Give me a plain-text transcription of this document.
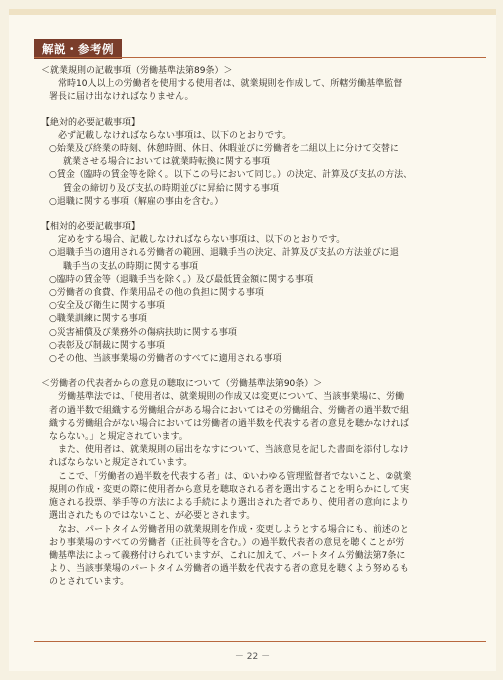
解説・参考例

＜就業規則の記載事項（労働基準法第89条）＞

　常時10人以上の労働者を使用する使用者は、就業規則を作成して、所轄労働基準監督

署長に届け出なければなりません。

【絶対的必要記載事項】

　必ず記載しなければならない事項は、以下のとおりです。

○始業及び終業の時刻、休憩時間、休日、休暇並びに労働者を二組以上に分けて交替に

就業させる場合においては就業時転換に関する事項

○賃金（臨時の賃金等を除く。以下この号において同じ。）の決定、計算及び支払の方法、

賃金の締切り及び支払の時期並びに昇給に関する事項

○退職に関する事項（解雇の事由を含む。）

【相対的必要記載事項】

　定めをする場合、記載しなければならない事項は、以下のとおりです。

○退職手当の適用される労働者の範囲、退職手当の決定、計算及び支払の方法並びに退

職手当の支払の時期に関する事項

○臨時の賃金等（退職手当を除く。）及び最低賃金額に関する事項

○労働者の食費、作業用品その他の負担に関する事項

○安全及び衛生に関する事項

○職業訓練に関する事項

○災害補償及び業務外の傷病扶助に関する事項

○表彰及び制裁に関する事項

○その他、当該事業場の労働者のすべてに適用される事項

＜労働者の代表者からの意見の聴取について（労働基準法第90条）＞

　労働基準法では、「使用者は、就業規則の作成又は変更について、当該事業場に、労働

者の過半数で組織する労働組合がある場合においてはその労働組合、労働者の過半数で組

織する労働組合がない場合においては労働者の過半数を代表する者の意見を聴かなければ

ならない。」と規定されています。

　また、使用者は、就業規則の届出をなすについて、当該意見を記した書面を添付しなけ

ればならないと規定されています。

　ここで、「労働者の過半数を代表する者」は、①いわゆる管理監督者でないこと、②就業

規則の作成・変更の際に使用者から意見を聴取される者を選出することを明らかにして実

施される投票、挙手等の方法による手続により選出された者であり、使用者の意向により

選出されたものではないこと、が必要とされます。

　なお、パートタイム労働者用の就業規則を作成・変更しようとする場合にも、前述のと

おり事業場のすべての労働者（正社員等を含む。）の過半数代表者の意見を聴くことが労

働基準法によって義務付けられていますが、これに加えて、パートタイム労働法第7条に

より、当該事業場のパートタイム労働者の過半数を代表する者の意見を聴くよう努めるも

のとされています。

－ 22 －
